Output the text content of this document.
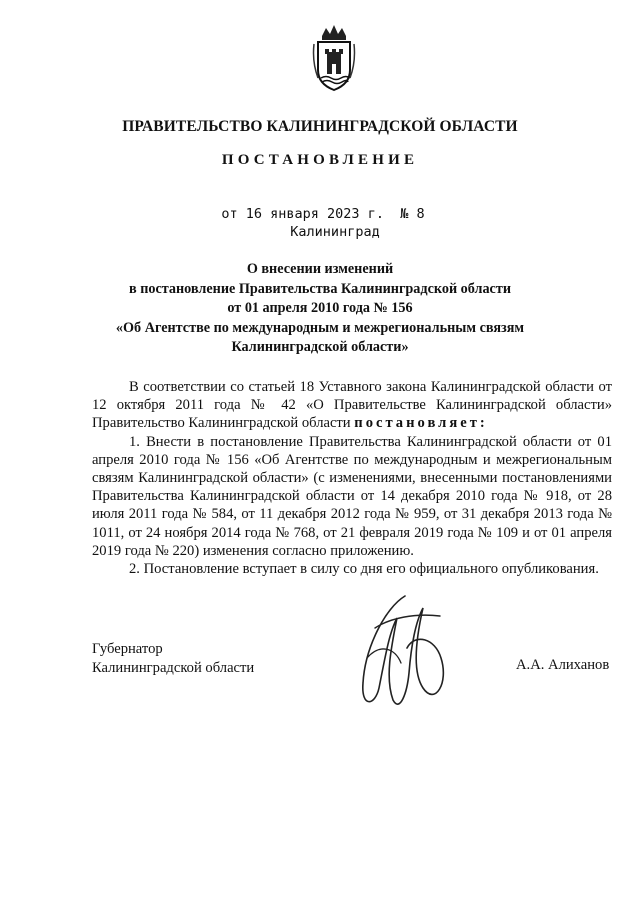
ПРАВИТЕЛЬСТВО КАЛИНИНГРАДСКОЙ ОБЛАСТИ
ПОСТАНОВЛЕНИЕ
от 16 января 2023 г.  № 8
Калининград
О внесении изменений
в постановление Правительства Калининградской области
от 01 апреля 2010 года № 156
«Об Агентстве по международным и межрегиональным связям
Калининградской области»

В соответствии со статьей 18 Уставного закона Калининградской области от 12 октября 2011 года № 42 «О Правительстве Калининградской области» Правительство Калининградской области постановляет:

1. Внести в постановление Правительства Калининградской области от 01 апреля 2010 года № 156 «Об Агентстве по международным и межрегиональным связям Калининградской области» (с изменениями, внесенными постановлениями Правительства Калининградской области от 14 декабря 2010 года № 918, от 28 июля 2011 года № 584, от 11 декабря 2012 года № 959, от 31 декабря 2013 года № 1011, от 24 ноября 2014 года № 768, от 21 февраля 2019 года № 109 и от 01 апреля 2019 года № 220) изменения согласно приложению.

2. Постановление вступает в силу со дня его официального опубликования.

Губернатор
Калининградской области	А.А. Алиханов
